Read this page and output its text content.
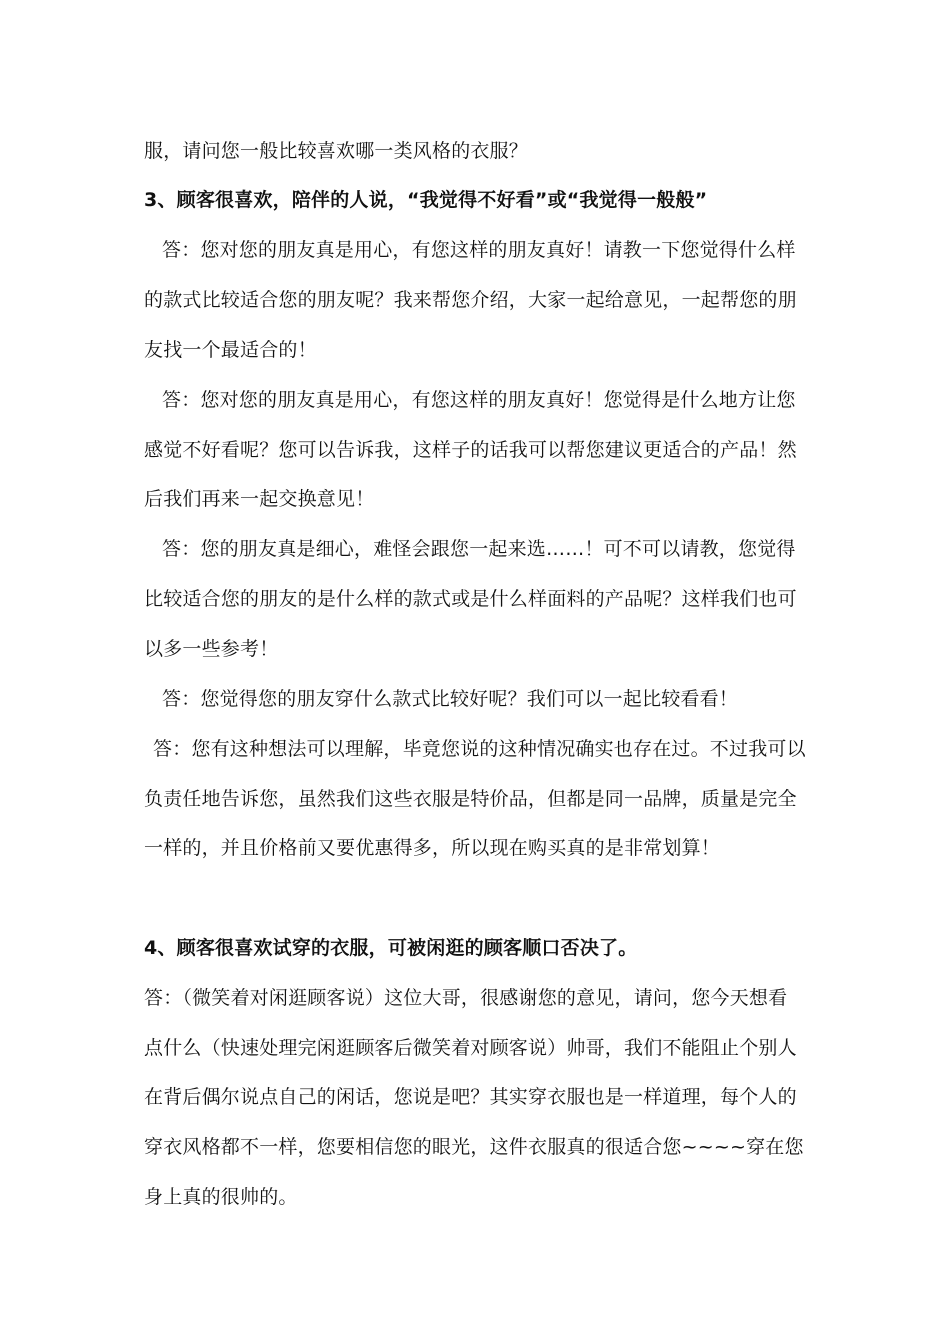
服，请问您一般比较喜欢哪一类风格的衣服？
3、顾客很喜欢，陪伴的人说，“我觉得不好看”或“我觉得一般般”
答：您对您的朋友真是用心，有您这样的朋友真好！请教一下您觉得什么样
的款式比较适合您的朋友呢？我来帮您介绍，大家一起给意见，一起帮您的朋
友找一个最适合的！
答：您对您的朋友真是用心，有您这样的朋友真好！您觉得是什么地方让您
感觉不好看呢？您可以告诉我，这样子的话我可以帮您建议更适合的产品！然
后我们再来一起交换意见！
答：您的朋友真是细心，难怪会跟您一起来选……！可不可以请教，您觉得
比较适合您的朋友的是什么样的款式或是什么样面料的产品呢？这样我们也可
以多一些参考！
答：您觉得您的朋友穿什么款式比较好呢？我们可以一起比较看看！
答：您有这种想法可以理解，毕竟您说的这种情况确实也存在过。不过我可以
负责任地告诉您，虽然我们这些衣服是特价品，但都是同一品牌，质量是完全
一样的，并且价格前又要优惠得多，所以现在购买真的是非常划算！
4、顾客很喜欢试穿的衣服，可被闲逛的顾客顺口否决了。
答：（微笑着对闲逛顾客说）这位大哥，很感谢您的意见，请问，您今天想看
点什么（快速处理完闲逛顾客后微笑着对顾客说）帅哥，我们不能阻止个别人
在背后偶尔说点自己的闲话，您说是吧？其实穿衣服也是一样道理，每个人的
穿衣风格都不一样，您要相信您的眼光，这件衣服真的很适合您~~~~穿在您
身上真的很帅的。
